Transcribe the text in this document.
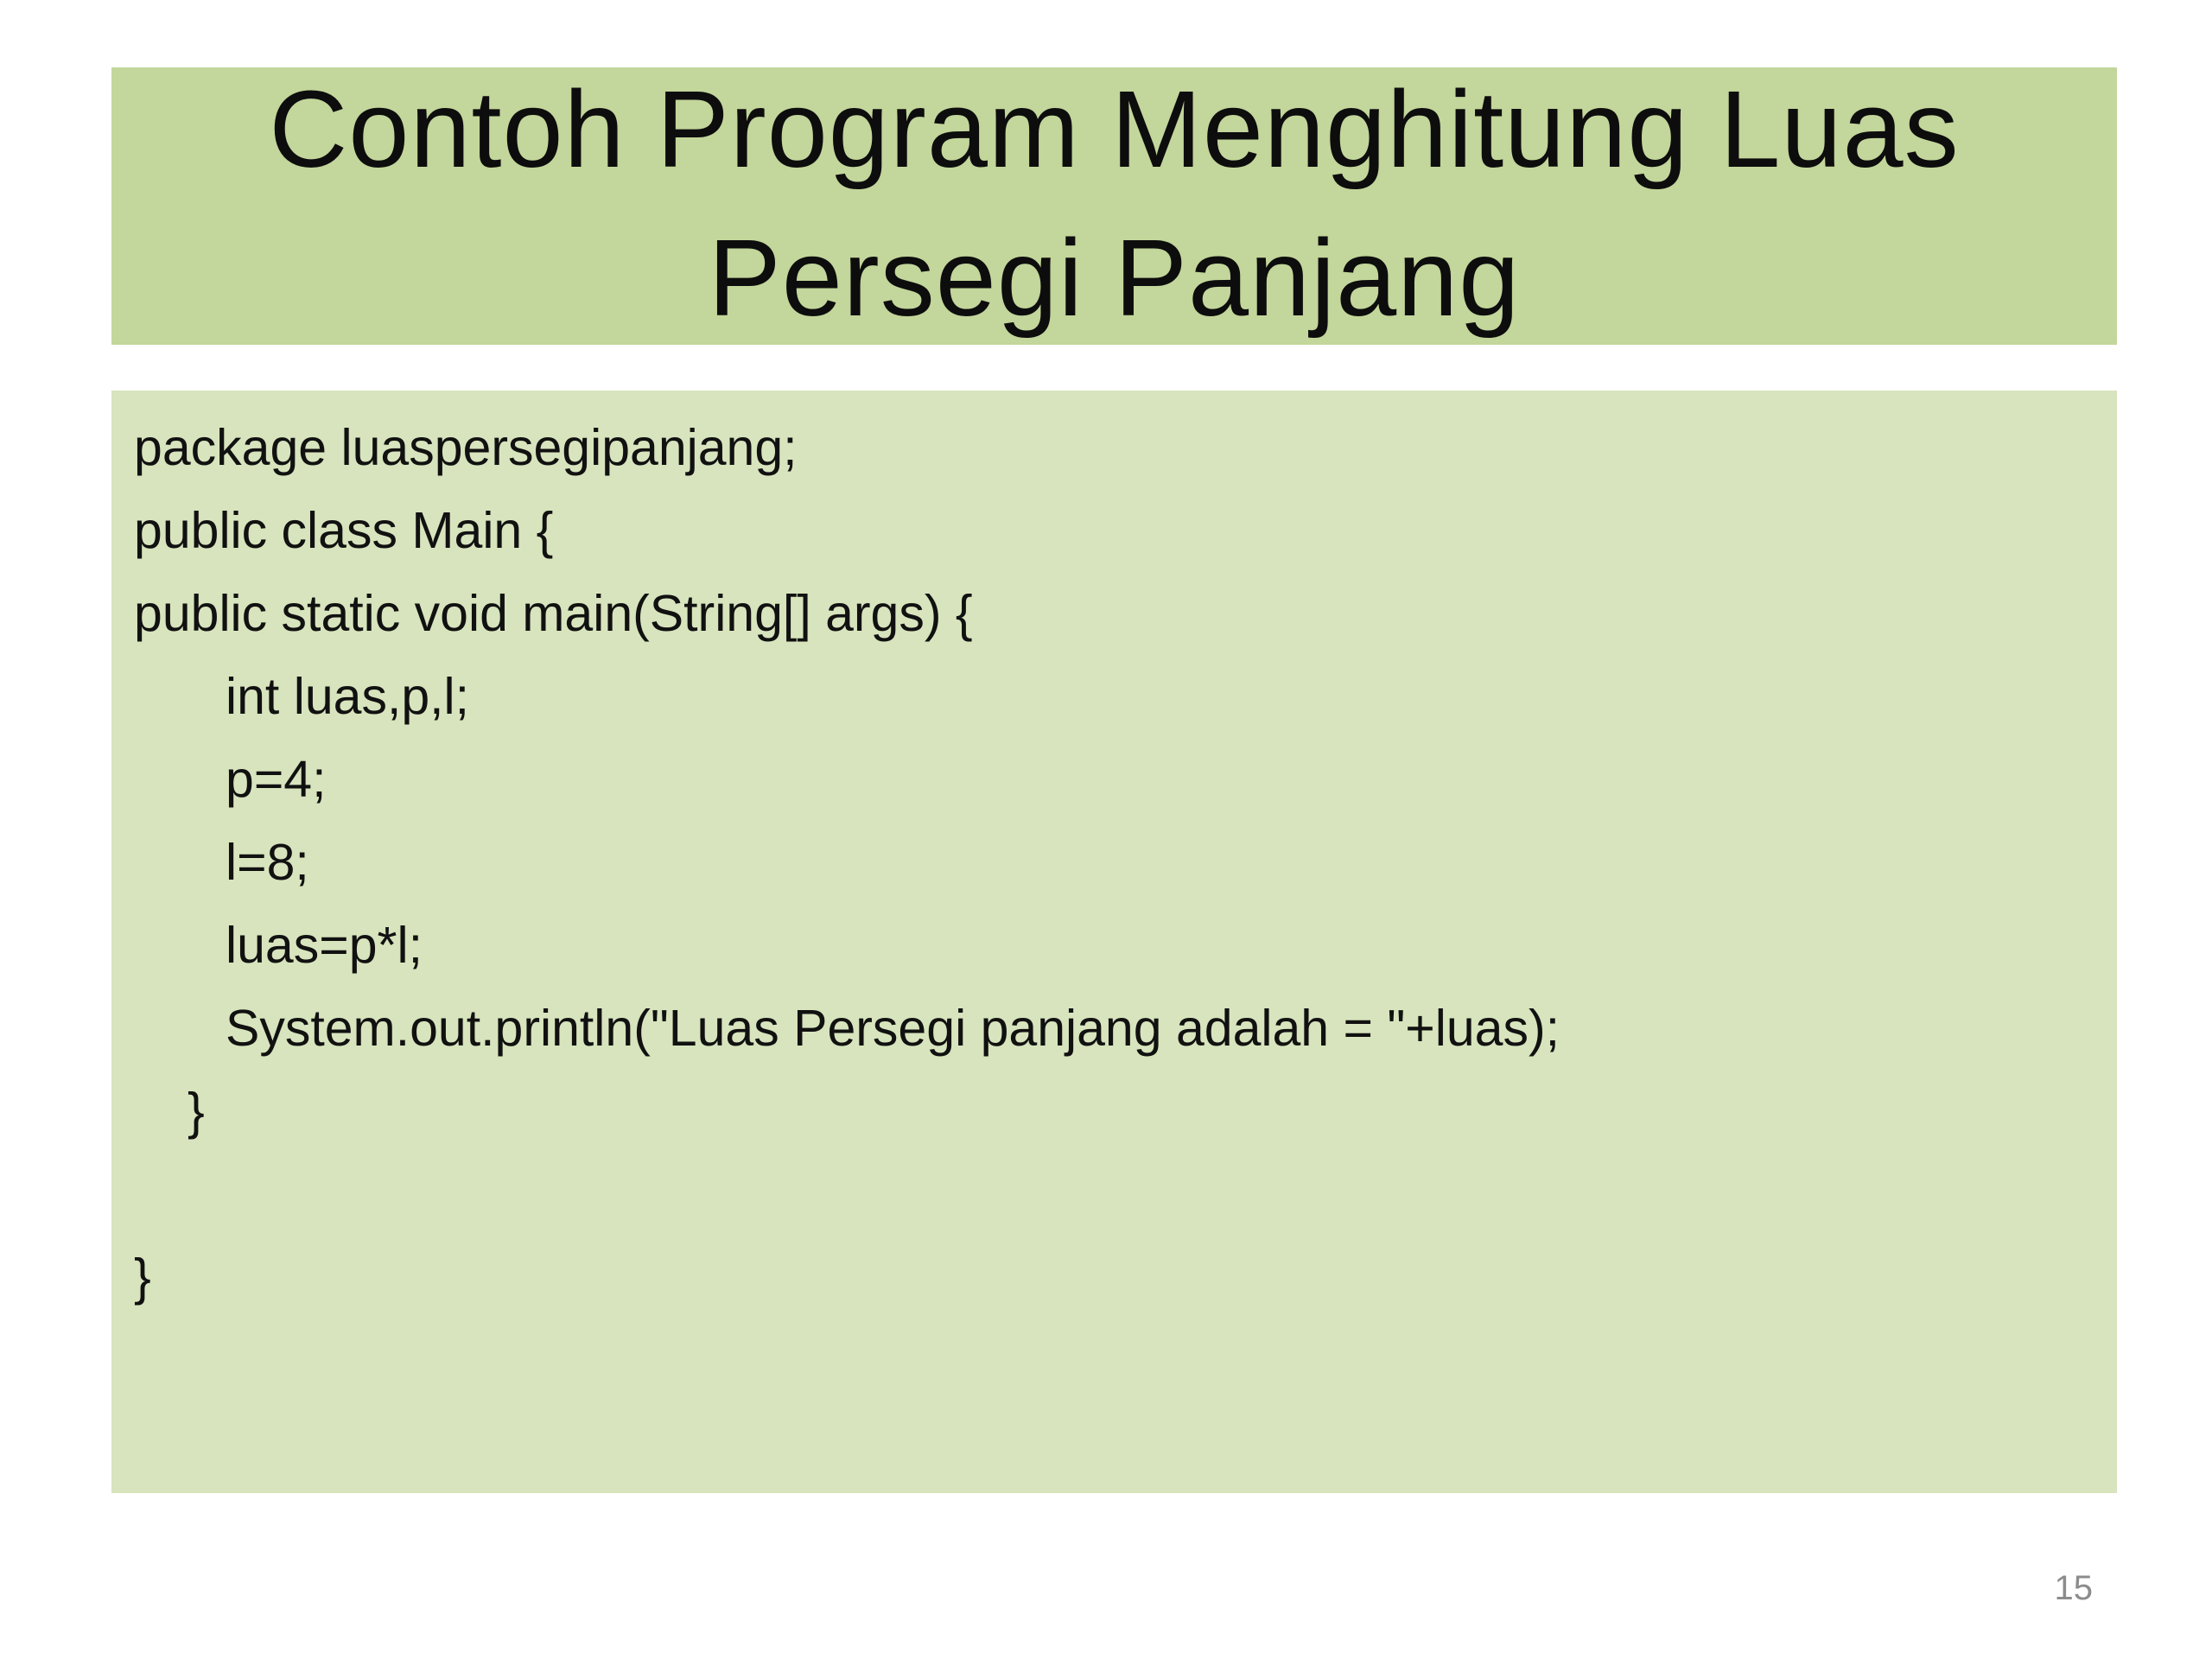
Contoh Program Menghitung Luas
Persegi Panjang
package luaspersegipanjang;
public class Main {
public static void main(String[] args) {
int luas,p,l;
p=4;
l=8;
luas=p*l;
System.out.println("Luas Persegi panjang adalah = "+luas);
}
}
15
